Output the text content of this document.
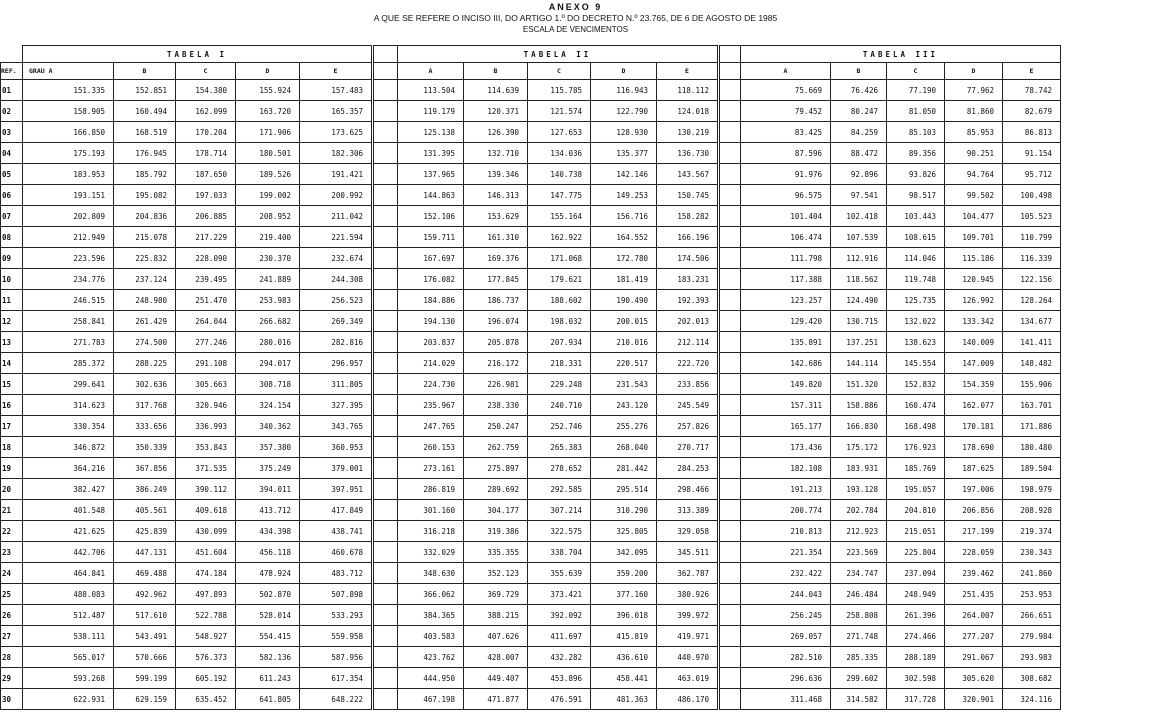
ANEXO 9
A QUE SE REFERE O INCISO III, DO ARTIGO 1.º DO DECRETO N.º 23.765, DE 6 DE AGOSTO DE 1985
ESCALA DE VENCIMENTOS
	TABELA I						TABELA II						TABELA III				
REF.	GRAU A	B	C	D	E		A	B	C	D	E		A	B	C	D	E
01	151.335	152.851	154.380	155.924	157.483		113.504	114.639	115.785	116.943	118.112		75.669	76.426	77.190	77.962	78.742
02	158.905	160.494	162.099	163.720	165.357		119.179	120.371	121.574	122.790	124.018		79.452	80.247	81.050	81.860	82.679
03	166.850	168.519	170.204	171.906	173.625		125.138	126.390	127.653	128.930	130.219		83.425	84.259	85.103	85.953	86.813
04	175.193	176.945	178.714	180.501	182.306		131.395	132.710	134.036	135.377	136.730		87.596	88.472	89.356	90.251	91.154
05	183.953	185.792	187.650	189.526	191.421		137.965	139.346	140.738	142.146	143.567		91.976	92.896	93.826	94.764	95.712
06	193.151	195.082	197.033	199.002	200.992		144.863	146.313	147.775	149.253	150.745		96.575	97.541	98.517	99.502	100.498
07	202.809	204.836	206.885	208.952	211.042		152.106	153.629	155.164	156.716	158.282		101.404	102.418	103.443	104.477	105.523
08	212.949	215.078	217.229	219.400	221.594		159.711	161.310	162.922	164.552	166.196		106.474	107.539	108.615	109.701	110.799
09	223.596	225.832	228.090	230.370	232.674		167.697	169.376	171.068	172.780	174.506		111.798	112.916	114.046	115.186	116.339
10	234.776	237.124	239.495	241.889	244.308		176.082	177.845	179.621	181.419	183.231		117.388	118.562	119.748	120.945	122.156
11	246.515	248.980	251.470	253.983	256.523		184.886	186.737	188.602	190.490	192.393		123.257	124.490	125.735	126.992	128.264
12	258.841	261.429	264.044	266.682	269.349		194.130	196.074	198.032	200.015	202.013		129.420	130.715	132.022	133.342	134.677
13	271.783	274.500	277.246	280.016	282.816		203.837	205.878	207.934	210.016	212.114		135.891	137.251	138.623	140.009	141.411
14	285.372	288.225	291.108	294.017	296.957		214.029	216.172	218.331	220.517	222.720		142.686	144.114	145.554	147.009	148.482
15	299.641	302.636	305.663	308.718	311.805		224.730	226.981	229.248	231.543	233.856		149.820	151.320	152.832	154.359	155.906
16	314.623	317.768	320.946	324.154	327.395		235.967	238.330	240.710	243.120	245.549		157.311	158.886	160.474	162.077	163.701
17	330.354	333.656	336.993	340.362	343.765		247.765	250.247	252.746	255.276	257.826		165.177	166.830	168.498	170.181	171.886
18	346.872	350.339	353.843	357.380	360.953		260.153	262.759	265.383	268.040	270.717		173.436	175.172	176.923	178.690	180.480
19	364.216	367.856	371.535	375.249	379.001		273.161	275.897	278.652	281.442	284.253		182.108	183.931	185.769	187.625	189.504
20	382.427	386.249	390.112	394.011	397.951		286.819	289.692	292.585	295.514	298.466		191.213	193.128	195.057	197.006	198.979
21	401.548	405.561	409.618	413.712	417.849		301.160	304.177	307.214	310.290	313.389		200.774	202.784	204.810	206.856	208.928
22	421.625	425.839	430.099	434.398	438.741		316.218	319.386	322.575	325.805	329.058		210.813	212.923	215.051	217.199	219.374
23	442.706	447.131	451.604	456.118	460.678		332.029	335.355	338.704	342.095	345.511		221.354	223.569	225.804	228.059	230.343
24	464.841	469.488	474.184	478.924	483.712		348.630	352.123	355.639	359.200	362.787		232.422	234.747	237.094	239.462	241.860
25	488.083	492.962	497.893	502.870	507.898		366.062	369.729	373.421	377.160	380.926		244.043	246.484	248.949	251.435	253.953
26	512.487	517.610	522.788	528.014	533.293		384.365	388.215	392.092	396.018	399.972		256.245	258.808	261.396	264.007	266.651
27	538.111	543.491	548.927	554.415	559.958		403.583	407.626	411.697	415.819	419.971		269.057	271.748	274.466	277.207	279.984
28	565.017	570.666	576.373	582.136	587.956		423.762	428.007	432.282	436.610	440.970		282.510	285.335	288.189	291.067	293.983
29	593.268	599.199	605.192	611.243	617.354		444.950	449.407	453.896	458.441	463.019		296.636	299.602	302.598	305.620	308.682
30	622.931	629.159	635.452	641.805	648.222		467.198	471.877	476.591	481.363	486.170		311.468	314.582	317.728	320.901	324.116
